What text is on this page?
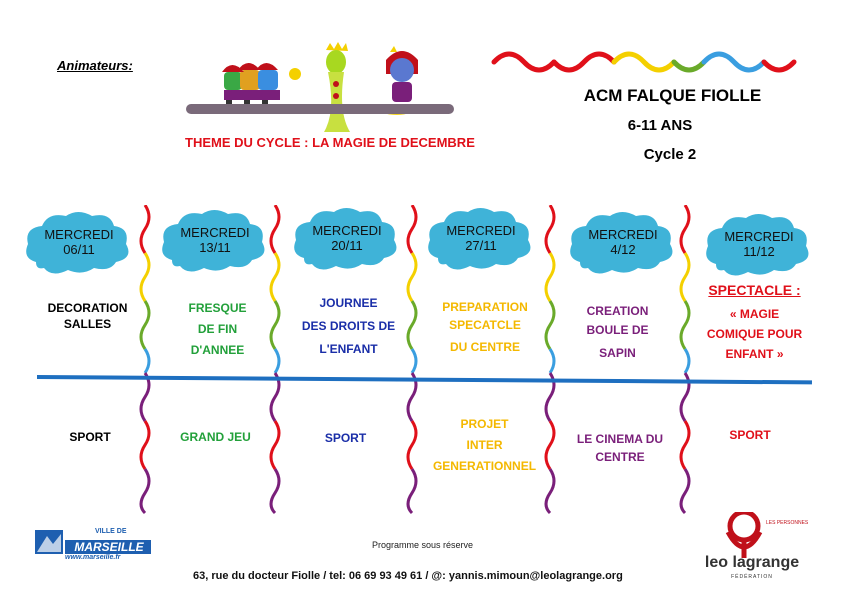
Animateurs:
THEME DU CYCLE : LA MAGIE DE DECEMBRE
ACM FALQUE FIOLLE
6-11 ANS
Cycle 2
MERCREDI
06/11
MERCREDI
13/11
MERCREDI
20/11
MERCREDI
27/11
MERCREDI
4/12
MERCREDI
11/12

DECORATION

SALLES

FRESQUE

DE FIN

D'ANNEE

JOURNEE

DES DROITS DE

L'ENFANT

PREPARATION

SPECATCLE

DU CENTRE

CREATION

BOULE DE

SAPIN

SPECTACLE :

« MAGIE

COMIQUE POUR

ENFANT »

SPORT	GRAND JEU	SPORT

PROJET

INTER

GENERATIONNEL

LE CINEMA DU

CENTRE

SPORT

VILLE DE
MARSEILLE
www.marseille.fr
Programme sous réserve
63, rue du docteur Fiolle / tel: 06 69 93 49 61 / @: yannis.mimoun@leolagrange.org
LES PERSONNES
leo lagrange
FÉDÉRATION
